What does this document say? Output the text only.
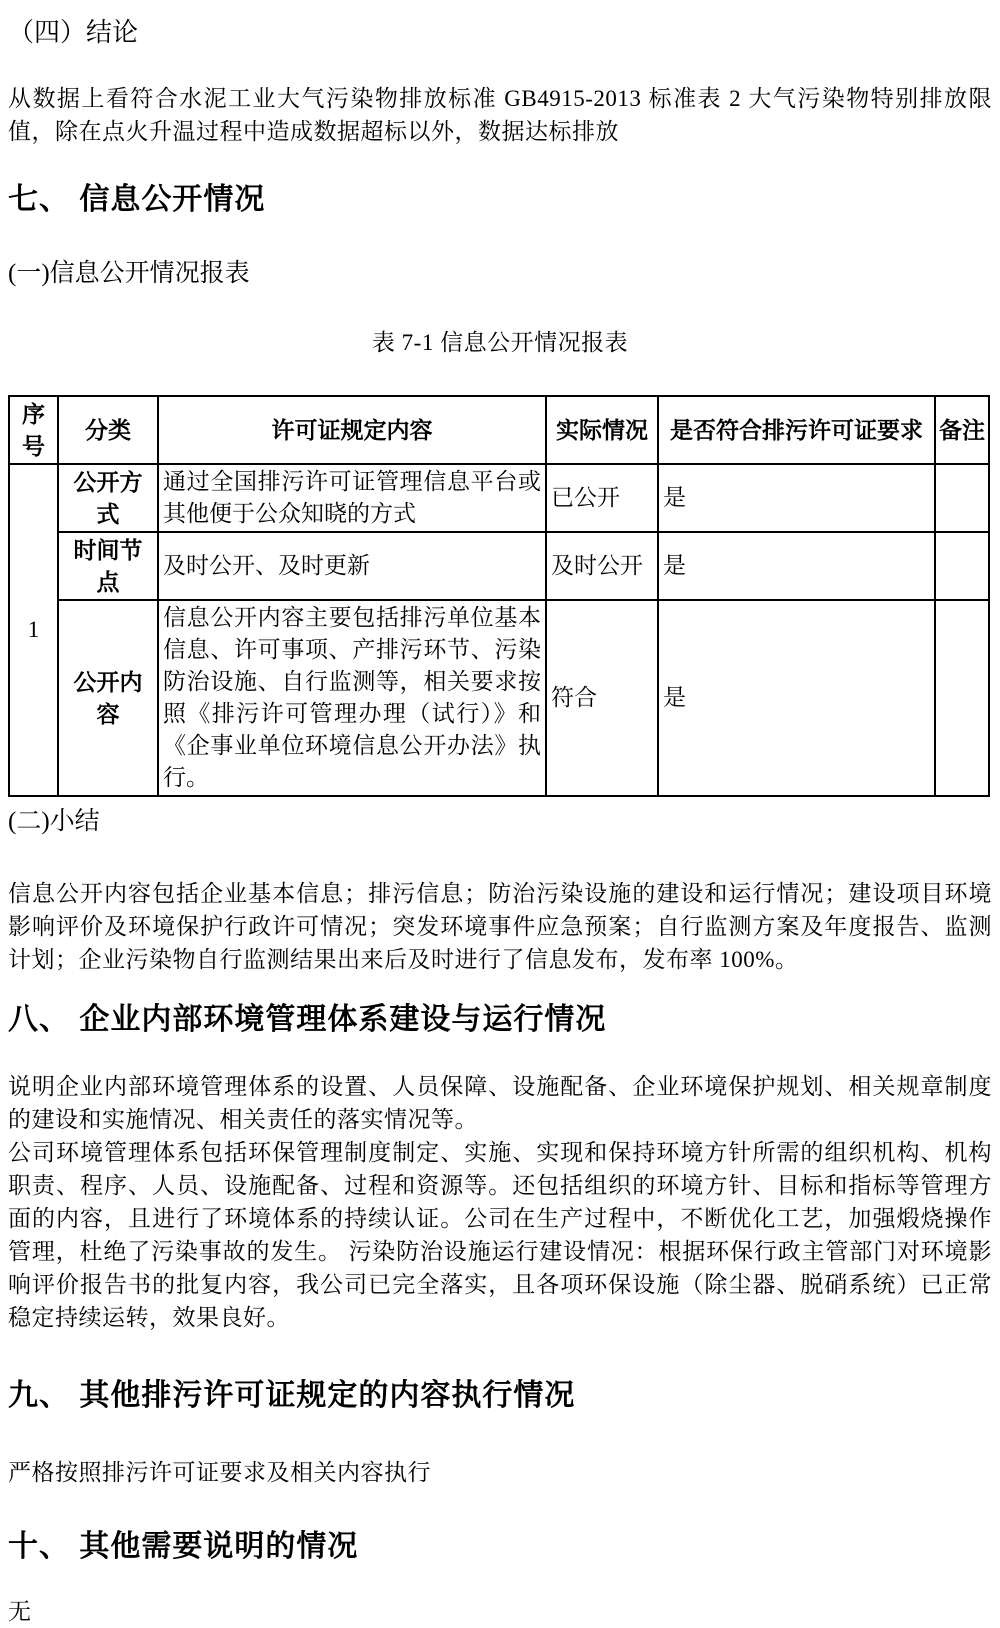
（四）结论

从数据上看符合水泥工业大气污染物排放标准 GB4915-2013 标准表 2 大气污染物特别排放限值，除在点火升温过程中造成数据超标以外，数据达标排放

七、 信息公开情况
(一)信息公开情况报表

表 7-1 信息公开情况报表

序号	分类	许可证规定内容	实际情况	是否符合排污许可证要求	备注
1	公开方式	通过全国排污许可证管理信息平台或其他便于公众知晓的方式	已公开	是	
	时间节点	及时公开、及时更新	及时公开	是	
	公开内容	信息公开内容主要包括排污单位基本信息、许可事项、产排污环节、污染防治设施、自行监测等，相关要求按照《排污许可管理办理（试行）》和《企事业单位环境信息公开办法》执行。	符合	是	
(二)小结

信息公开内容包括企业基本信息；排污信息；防治污染设施的建设和运行情况；建设项目环境影响评价及环境保护行政许可情况；突发环境事件应急预案；自行监测方案及年度报告、监测计划；企业污染物自行监测结果出来后及时进行了信息发布，发布率 100%。

八、 企业内部环境管理体系建设与运行情况

说明企业内部环境管理体系的设置、人员保障、设施配备、企业环境保护规划、相关规章制度的建设和实施情况、相关责任的落实情况等。

公司环境管理体系包括环保管理制度制定、实施、实现和保持环境方针所需的组织机构、机构职责、程序、人员、设施配备、过程和资源等。还包括组织的环境方针、目标和指标等管理方面的内容，且进行了环境体系的持续认证。公司在生产过程中，不断优化工艺，加强煅烧操作管理，杜绝了污染事故的发生。 污染防治设施运行建设情况：根据环保行政主管部门对环境影响评价报告书的批复内容，我公司已完全落实，且各项环保设施（除尘器、脱硝系统）已正常稳定持续运转，效果良好。

九、 其他排污许可证规定的内容执行情况

严格按照排污许可证要求及相关内容执行

十、 其他需要说明的情况

无
